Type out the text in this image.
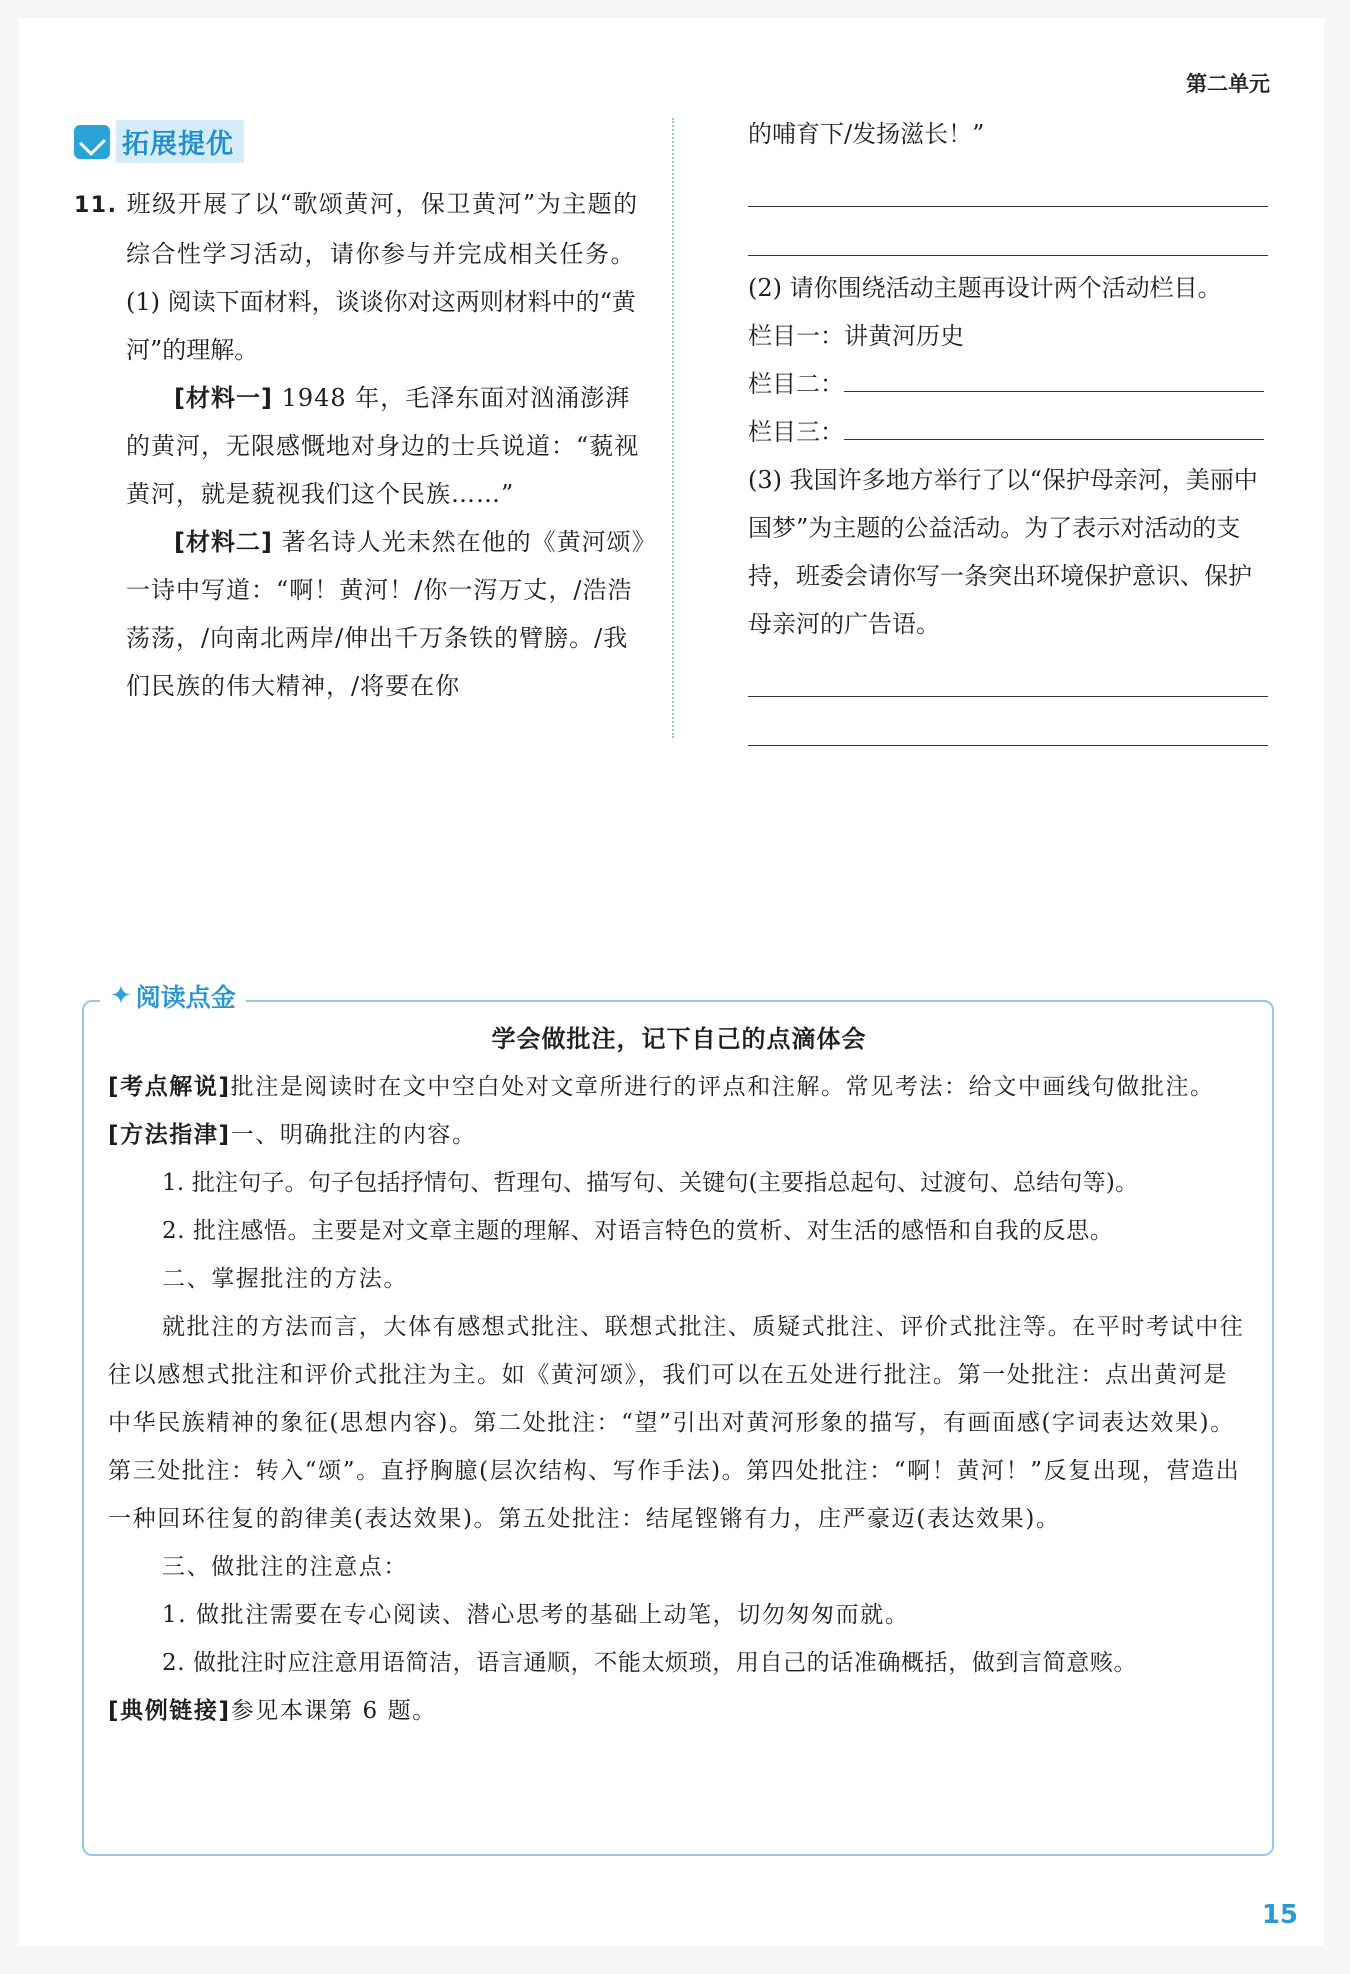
第二单元
拓展提优

11. 班级开展了以“歌颂黄河，保卫黄河”为主题的综合性学习活动，请你参与并完成相关任务。

(1) 阅读下面材料，谈谈你对这两则材料中的“黄河”的理解。

[材料一] 1948 年，毛泽东面对汹涌澎湃的黄河，无限感慨地对身边的士兵说道：“藐视黄河，就是藐视我们这个民族……”

[材料二] 著名诗人光未然在他的《黄河颂》一诗中写道：“啊！黄河！/你一泻万丈，/浩浩荡荡，/向南北两岸/伸出千万条铁的臂膀。/我们民族的伟大精神，/将要在你

的哺育下/发扬滋长！”

(2) 请你围绕活动主题再设计两个活动栏目。

栏目一：讲黄河历史

栏目二：

栏目三：

(3) 我国许多地方举行了以“保护母亲河，美丽中国梦”为主题的公益活动。为了表示对活动的支持，班委会请你写一条突出环境保护意识、保护母亲河的广告语。

✦ 阅读点金

学会做批注，记下自己的点滴体会

[考点解说]批注是阅读时在文中空白处对文章所进行的评点和注解。常见考法：给文中画线句做批注。

[方法指津]一、明确批注的内容。

1. 批注句子。句子包括抒情句、哲理句、描写句、关键句(主要指总起句、过渡句、总结句等)。

2. 批注感悟。主要是对文章主题的理解、对语言特色的赏析、对生活的感悟和自我的反思。

二、掌握批注的方法。

就批注的方法而言，大体有感想式批注、联想式批注、质疑式批注、评价式批注等。在平时考试中往往以感想式批注和评价式批注为主。如《黄河颂》，我们可以在五处进行批注。第一处批注：点出黄河是中华民族精神的象征(思想内容)。第二处批注：“望”引出对黄河形象的描写，有画面感(字词表达效果)。第三处批注：转入“颂”。直抒胸臆(层次结构、写作手法)。第四处批注：“啊！黄河！”反复出现，营造出一种回环往复的韵律美(表达效果)。第五处批注：结尾铿锵有力，庄严豪迈(表达效果)。

三、做批注的注意点：

1. 做批注需要在专心阅读、潜心思考的基础上动笔，切勿匆匆而就。

2. 做批注时应注意用语简洁，语言通顺，不能太烦琐，用自己的话准确概括，做到言简意赅。

[典例链接]参见本课第 6 题。

15
